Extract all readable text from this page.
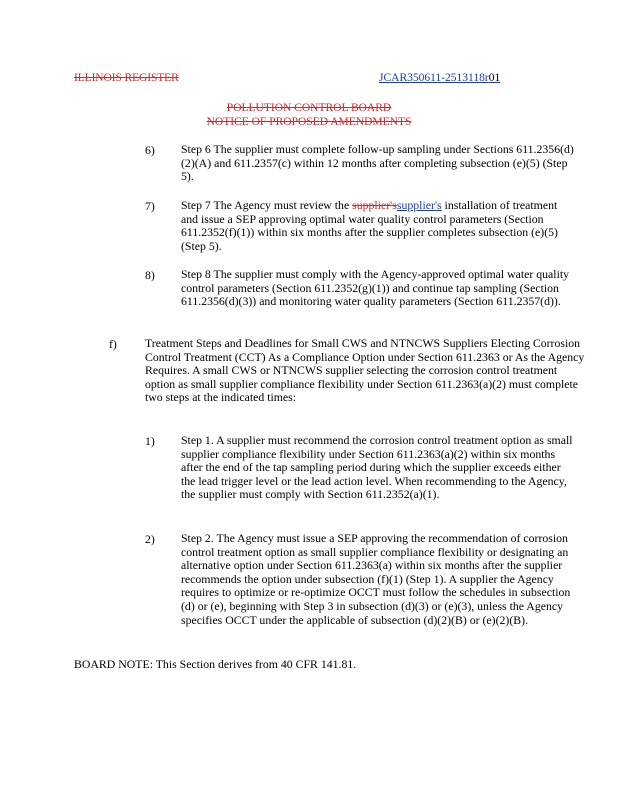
ILLINOIS REGISTER	JCAR350611-2513118r01
POLLUTION CONTROL BOARD
NOTICE OF PROPOSED AMENDMENTS
6) Step 6 The supplier must complete follow-up sampling under Sections 611.2356(d)(2)(A) and 611.2357(c) within 12 months after completing subsection (e)(5) (Step 5).
7) Step 7 The Agency must review the supplier'ssupplier's installation of treatment and issue a SEP approving optimal water quality control parameters (Section 611.2352(f)(1)) within six months after the supplier completes subsection (e)(5) (Step 5).
8) Step 8 The supplier must comply with the Agency-approved optimal water quality control parameters (Section 611.2352(g)(1)) and continue tap sampling (Section 611.2356(d)(3)) and monitoring water quality parameters (Section 611.2357(d)).
f) Treatment Steps and Deadlines for Small CWS and NTNCWS Suppliers Electing Corrosion Control Treatment (CCT) As a Compliance Option under Section 611.2363 or As the Agency Requires. A small CWS or NTNCWS supplier selecting the corrosion control treatment option as small supplier compliance flexibility under Section 611.2363(a)(2) must complete two steps at the indicated times:
1) Step 1. A supplier must recommend the corrosion control treatment option as small supplier compliance flexibility under Section 611.2363(a)(2) within six months after the end of the tap sampling period during which the supplier exceeds either the lead trigger level or the lead action level. When recommending to the Agency, the supplier must comply with Section 611.2352(a)(1).
2) Step 2. The Agency must issue a SEP approving the recommendation of corrosion control treatment option as small supplier compliance flexibility or designating an alternative option under Section 611.2363(a) within six months after the supplier recommends the option under subsection (f)(1) (Step 1). A supplier the Agency requires to optimize or re-optimize OCCT must follow the schedules in subsection (d) or (e), beginning with Step 3 in subsection (d)(3) or (e)(3), unless the Agency specifies OCCT under the applicable of subsection (d)(2)(B) or (e)(2)(B).
BOARD NOTE: This Section derives from 40 CFR 141.81.
